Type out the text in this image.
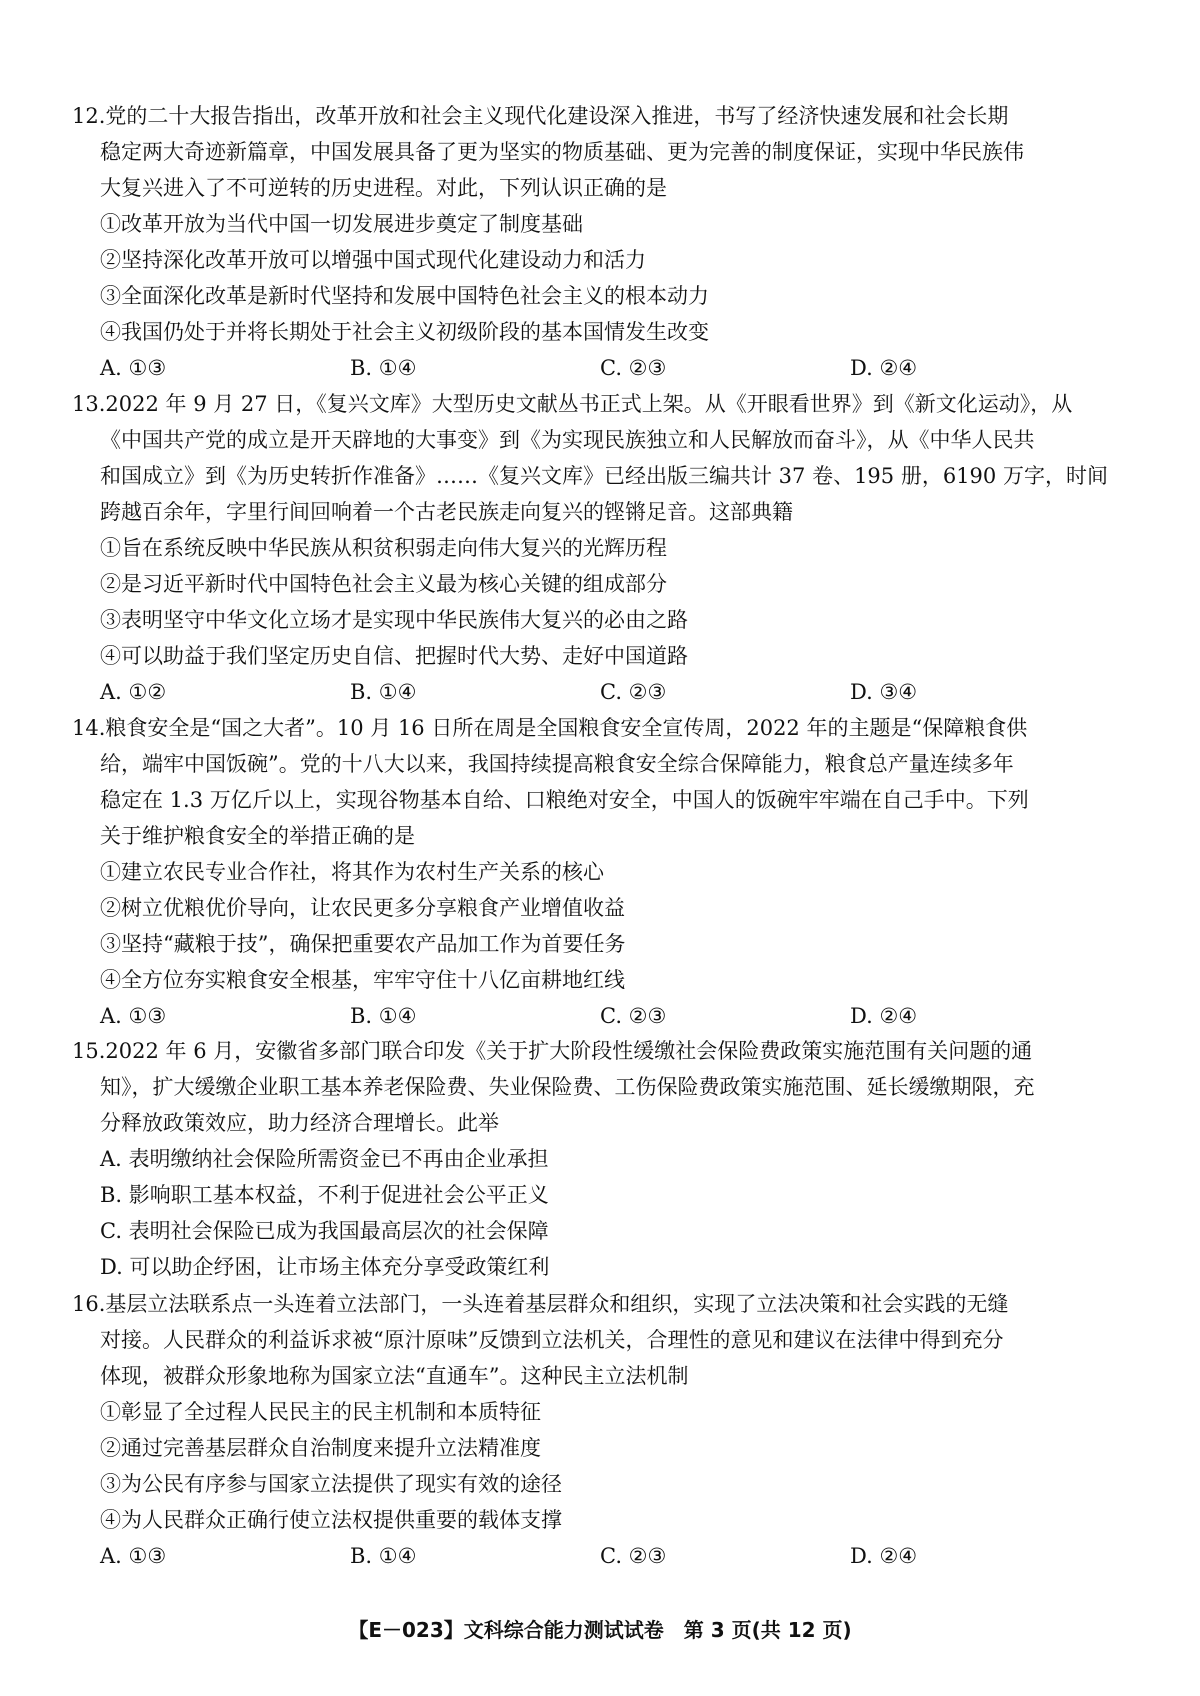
12.党的二十大报告指出，改革开放和社会主义现代化建设深入推进，书写了经济快速发展和社会长期
稳定两大奇迹新篇章，中国发展具备了更为坚实的物质基础、更为完善的制度保证，实现中华民族伟
大复兴进入了不可逆转的历史进程。对此，下列认识正确的是
①改革开放为当代中国一切发展进步奠定了制度基础
②坚持深化改革开放可以增强中国式现代化建设动力和活力
③全面深化改革是新时代坚持和发展中国特色社会主义的根本动力
④我国仍处于并将长期处于社会主义初级阶段的基本国情发生改变
A. ①③	B. ①④	C. ②③	D. ②④
13.2022 年 9 月 27 日，《复兴文库》大型历史文献丛书正式上架。从《开眼看世界》到《新文化运动》，从
《中国共产党的成立是开天辟地的大事变》到《为实现民族独立和人民解放而奋斗》，从《中华人民共
和国成立》到《为历史转折作准备》……《复兴文库》已经出版三编共计 37 卷、195 册，6190 万字，时间
跨越百余年，字里行间回响着一个古老民族走向复兴的铿锵足音。这部典籍
①旨在系统反映中华民族从积贫积弱走向伟大复兴的光辉历程
②是习近平新时代中国特色社会主义最为核心关键的组成部分
③表明坚守中华文化立场才是实现中华民族伟大复兴的必由之路
④可以助益于我们坚定历史自信、把握时代大势、走好中国道路
A. ①②	B. ①④	C. ②③	D. ③④
14.粮食安全是“国之大者”。10 月 16 日所在周是全国粮食安全宣传周，2022 年的主题是“保障粮食供
给，端牢中国饭碗”。党的十八大以来，我国持续提高粮食安全综合保障能力，粮食总产量连续多年
稳定在 1.3 万亿斤以上，实现谷物基本自给、口粮绝对安全，中国人的饭碗牢牢端在自己手中。下列
关于维护粮食安全的举措正确的是
①建立农民专业合作社，将其作为农村生产关系的核心
②树立优粮优价导向，让农民更多分享粮食产业增值收益
③坚持“藏粮于技”，确保把重要农产品加工作为首要任务
④全方位夯实粮食安全根基，牢牢守住十八亿亩耕地红线
A. ①③	B. ①④	C. ②③	D. ②④
15.2022 年 6 月，安徽省多部门联合印发《关于扩大阶段性缓缴社会保险费政策实施范围有关问题的通
知》，扩大缓缴企业职工基本养老保险费、失业保险费、工伤保险费政策实施范围、延长缓缴期限，充
分释放政策效应，助力经济合理增长。此举
A. 表明缴纳社会保险所需资金已不再由企业承担
B. 影响职工基本权益，不利于促进社会公平正义
C. 表明社会保险已成为我国最高层次的社会保障
D. 可以助企纾困，让市场主体充分享受政策红利
16.基层立法联系点一头连着立法部门，一头连着基层群众和组织，实现了立法决策和社会实践的无缝
对接。人民群众的利益诉求被“原汁原味”反馈到立法机关，合理性的意见和建议在法律中得到充分
体现，被群众形象地称为国家立法“直通车”。这种民主立法机制
①彰显了全过程人民民主的民主机制和本质特征
②通过完善基层群众自治制度来提升立法精准度
③为公民有序参与国家立法提供了现实有效的途径
④为人民群众正确行使立法权提供重要的载体支撑
A. ①③	B. ①④	C. ②③	D. ②④
【E－023】文科综合能力测试试卷　第 3 页(共 12 页)
